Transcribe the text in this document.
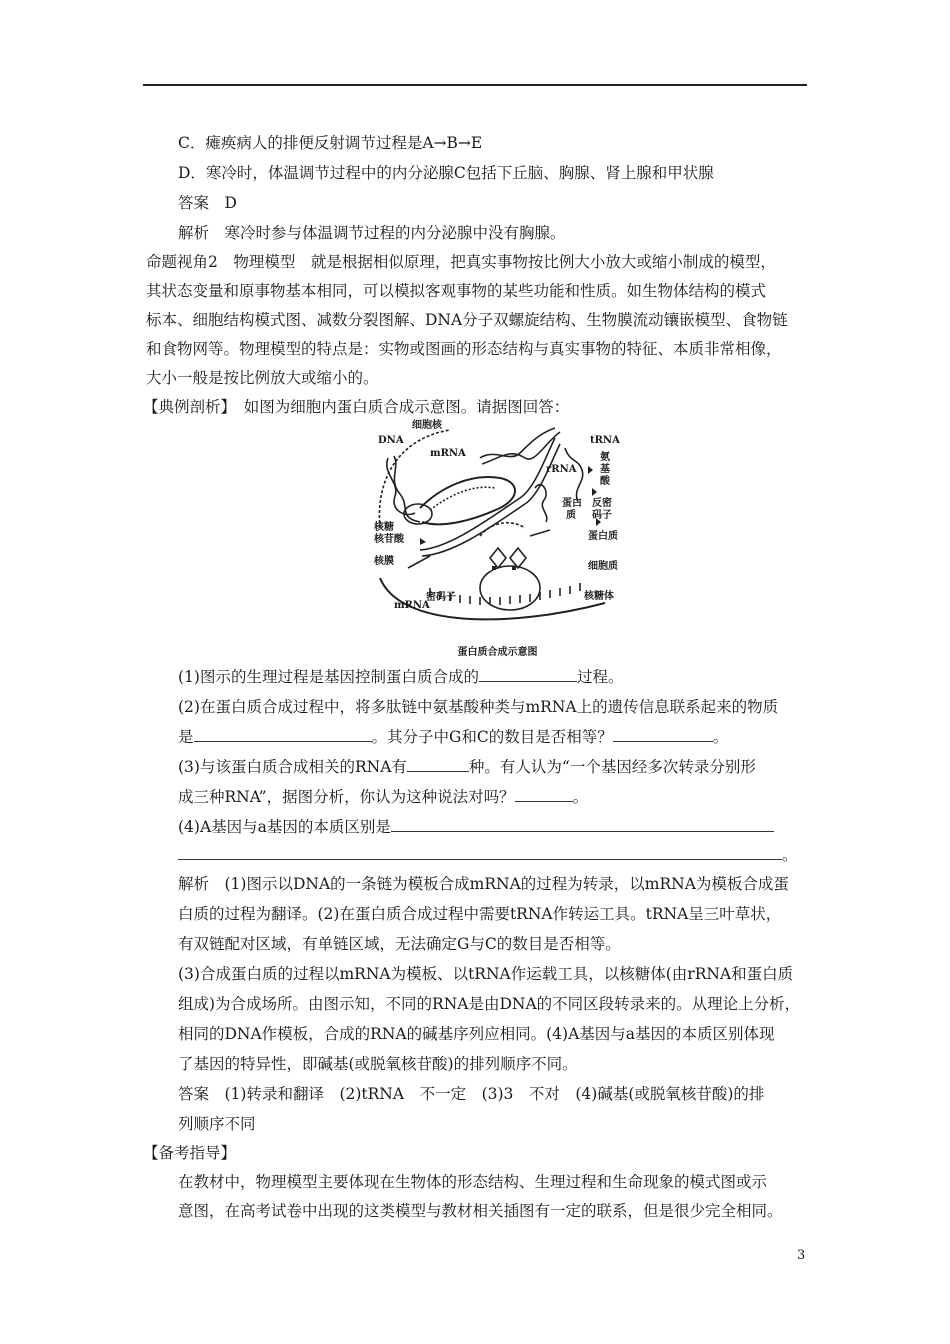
C．瘫痪病人的排便反射调节过程是A→B→E
D．寒冷时，体温调节过程中的内分泌腺C包括下丘脑、胸腺、肾上腺和甲状腺
答案　D
解析　寒冷时参与体温调节过程的内分泌腺中没有胸腺。
命题视角2　物理模型　就是根据相似原理，把真实事物按比例大小放大或缩小制成的模型，
其状态变量和原事物基本相同，可以模拟客观事物的某些功能和性质。如生物体结构的模式
标本、细胞结构模式图、减数分裂图解、DNA分子双螺旋结构、生物膜流动镶嵌模型、食物链
和食物网等。物理模型的特点是：实物或图画的形态结构与真实事物的特征、本质非常相像，
大小一般是按比例放大或缩小的。
【典例剖析】　如图为细胞内蛋白质合成示意图。请据图回答：
细胞核
DNA
mRNA
tRNA
氨
基
酸
rRNA
蛋白
质
反密
码子
蛋白质
核糖
核苷酸
核膜	细胞质
核糖体
密码子
mRNA
蛋白质合成示意图
(1)图示的生理过程是基因控制蛋白质合成的	过程。
(2)在蛋白质合成过程中，将多肽链中氨基酸种类与mRNA上的遗传信息联系起来的物质
是	。其分子中G和C的数目是否相等？	。
(3)与该蛋白质合成相关的RNA有	种。有人认为“一个基因经多次转录分别形
成三种RNA”，据图分析，你认为这种说法对吗？	。
(4)A基因与a基因的本质区别是
。
解析　(1)图示以DNA的一条链为模板合成mRNA的过程为转录，以mRNA为模板合成蛋
白质的过程为翻译。(2)在蛋白质合成过程中需要tRNA作转运工具。tRNA呈三叶草状，
有双链配对区域，有单链区域，无法确定G与C的数目是否相等。
(3)合成蛋白质的过程以mRNA为模板、以tRNA作运载工具，以核糖体(由rRNA和蛋白质
组成)为合成场所。由图示知，不同的RNA是由DNA的不同区段转录来的。从理论上分析，
相同的DNA作模板，合成的RNA的碱基序列应相同。(4)A基因与a基因的本质区别体现
了基因的特异性，即碱基(或脱氧核苷酸)的排列顺序不同。
答案　(1)转录和翻译　(2)tRNA　不一定　(3)3　不对　(4)碱基(或脱氧核苷酸)的排
列顺序不同
【备考指导】
在教材中，物理模型主要体现在生物体的形态结构、生理过程和生命现象的模式图或示
意图，在高考试卷中出现的这类模型与教材相关插图有一定的联系，但是很少完全相同。
3
